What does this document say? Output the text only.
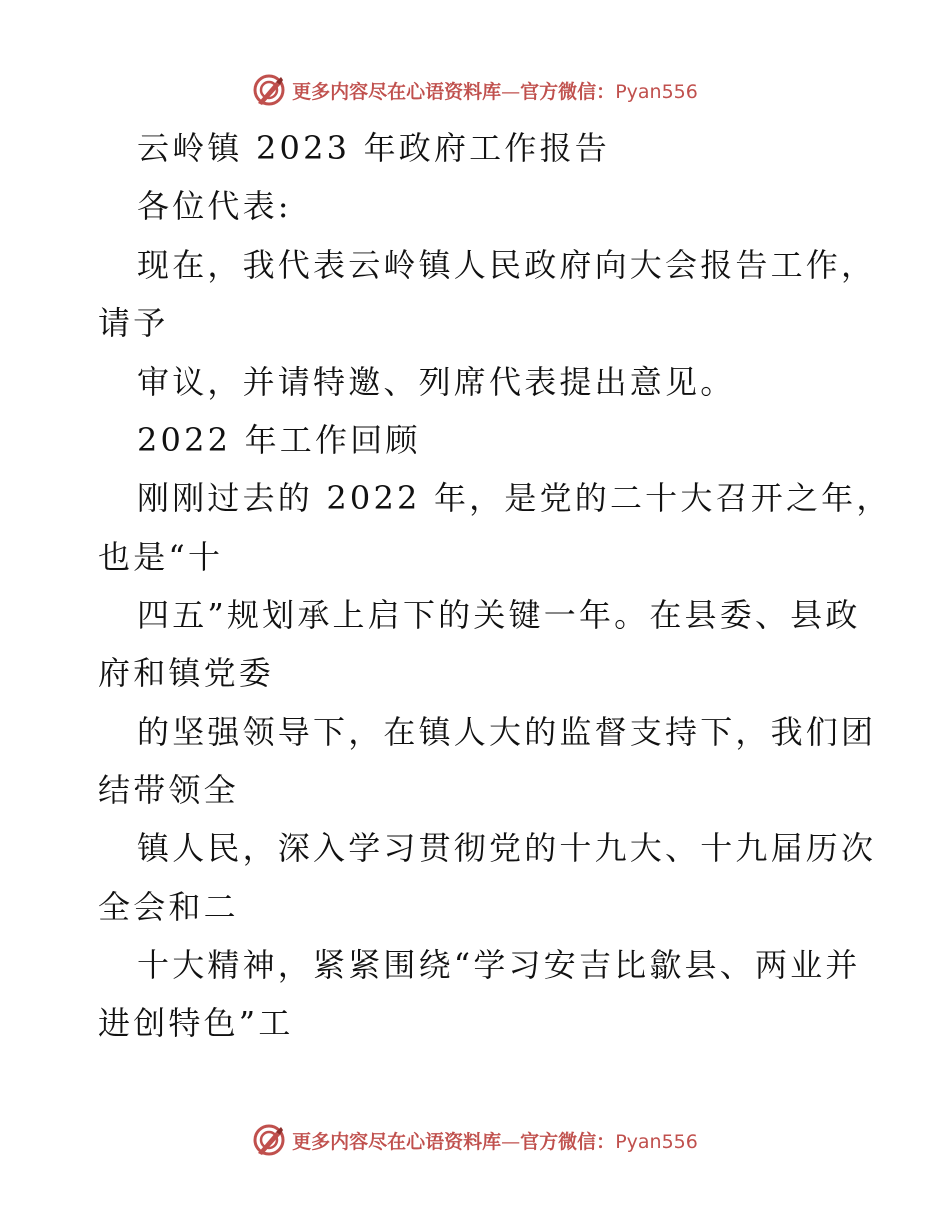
更多内容尽在心语资料库—官方微信：Pyan556
云岭镇 2023 年政府工作报告
各位代表:
现在，我代表云岭镇人民政府向大会报告工作，
请予
审议，并请特邀、列席代表提出意见。
2022 年工作回顾
刚刚过去的 2022 年，是党的二十大召开之年，
也是“十
四五”规划承上启下的关键一年。在县委、县政
府和镇党委
的坚强领导下，在镇人大的监督支持下，我们团
结带领全
镇人民，深入学习贯彻党的十九大、十九届历次
全会和二
十大精神，紧紧围绕“学习安吉比歙县、两业并
进创特色”工
更多内容尽在心语资料库—官方微信：Pyan556
